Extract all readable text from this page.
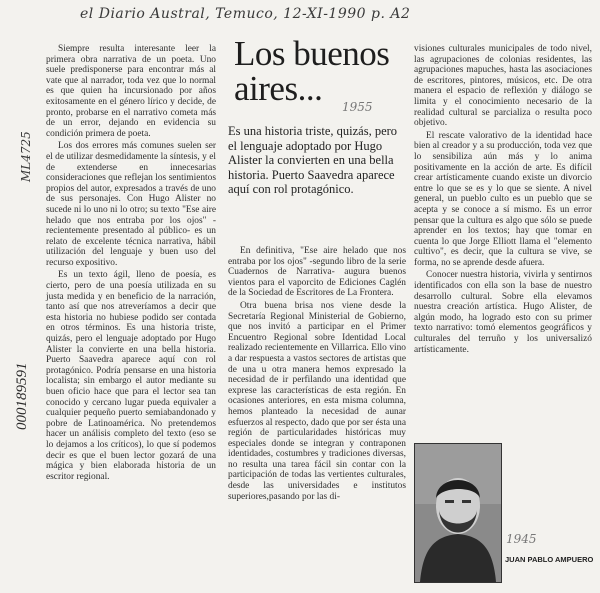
el Diario Austral, Temuco, 12-XI-1990 p. A2
000189591
ML4725
1955

Siempre resulta interesante leer la primera obra narrativa de un poeta. Uno suele predisponerse para encontrar más al vate que al narrador, toda vez que lo normal es que quien ha incursionado por años exitosamente en el género lírico y decide, de pronto, probarse en el narrativo cometa más de un error, dejando en evidencia su condición primera de poeta.

Los dos errores más comunes suelen ser el de utilizar desmedidamente la síntesis, y el de extenderse en innecesarias consideraciones que reflejan los sentimientos propios del autor, expresados a través de uno de sus personajes. Con Hugo Alister no sucede ni lo uno ni lo otro; su texto "Ese aire helado que nos entraba por los ojos" -recientemente presentado al público- es un relato de excelente técnica narrativa, hábil utilización del lenguaje y buen uso del recurso expositivo.

Es un texto ágil, lleno de poesía, es cierto, pero de una poesía utilizada en su justa medida y en beneficio de la narración, tanto así que nos atreveríamos a decir que esta historia no hubiese podido ser contada en otros términos. Es una historia triste, quizás, pero el lenguaje adoptado por Hugo Alister la convierte en una bella historia. Puerto Saavedra aparece aquí con rol protagónico. Podría pensarse en una historia localista; sin embargo el autor mediante su buen oficio hace que para el lector sea tan conocido y cercano lugar pueda equivaler a cualquier pequeño puerto semiabandonado y pobre de Latinoamérica. No pretendemos hacer un análisis completo del texto (eso se lo dejamos a los críticos), lo que sí podemos decir es que el buen lector gozará de una mágica y bien elaborada historia de un escritor regional.

Los buenos aires...
Es una historia triste, quizás, pero el lenguaje adoptado por Hugo Alister la convierten en una bella historia. Puerto Saavedra aparece aquí con rol protagónico.

En definitiva, "Ese aire helado que nos entraba por los ojos" -segundo libro de la serie Cuadernos de Narrativa- augura buenos vientos para el vaporcito de Ediciones Caglén de la Sociedad de Escritores de La Frontera.

Otra buena brisa nos viene desde la Secretaría Regional Ministerial de Gobierno, que nos invitó a participar en el Primer Encuentro Regional sobre Identidad Local realizado recientemente en Villarrica. Ello vino a dar respuesta a vastos sectores de artistas que de una u otra manera hemos expresado la necesidad de ir perfilando una identidad que exprese las características de esta región. En ocasiones anteriores, en esta misma columna, hemos planteado la necesidad de aunar esfuerzos al respecto, dado que por ser ésta una región de particularidades históricas muy especiales donde se integran y contraponen identidades, costumbres y tradiciones diversas, no resulta una tarea fácil sin contar con la participación de todas las vertientes culturales, desde las universidades e institutos superiores,pasando por las di-

visiones culturales municipales de todo nivel, las agrupaciones de colonias residentes, las agrupaciones mapuches, hasta las asociaciones de escritores, pintores, músicos, etc. De otra manera el espacio de reflexión y diálogo se limita y el conocimiento necesario de la realidad cultural se parcializa o resulta poco objetivo.

El rescate valorativo de la identidad hace bien al creador y a su producción, toda vez que lo sensibiliza aún más y lo anima positivamente en la acción de arte. Es difícil crear artísticamente cuando existe un divorcio entre lo que se es y lo que se siente. A nivel general, un pueblo culto es un pueblo que se acepta y se conoce a sí mismo. Es un error pensar que la cultura es algo que sólo se puede aprender en los textos; hay que tomar en cuenta lo que Jorge Elliott llama el "elemento cultivo", es decir, que la cultura se vive, se forma, no se aprende desde afuera.

Conocer nuestra historia, vivirla y sentirnos identificados con ella son la base de nuestro desarrollo cultural. Sobre ella elevamos nuestra creación artística. Hugo Alister, de algún modo, ha logrado esto con su primer texto narrativo: tomó elementos geográficos y culturales del terruño y los universalizó artísticamente.

1945
JUAN PABLO AMPUERO
